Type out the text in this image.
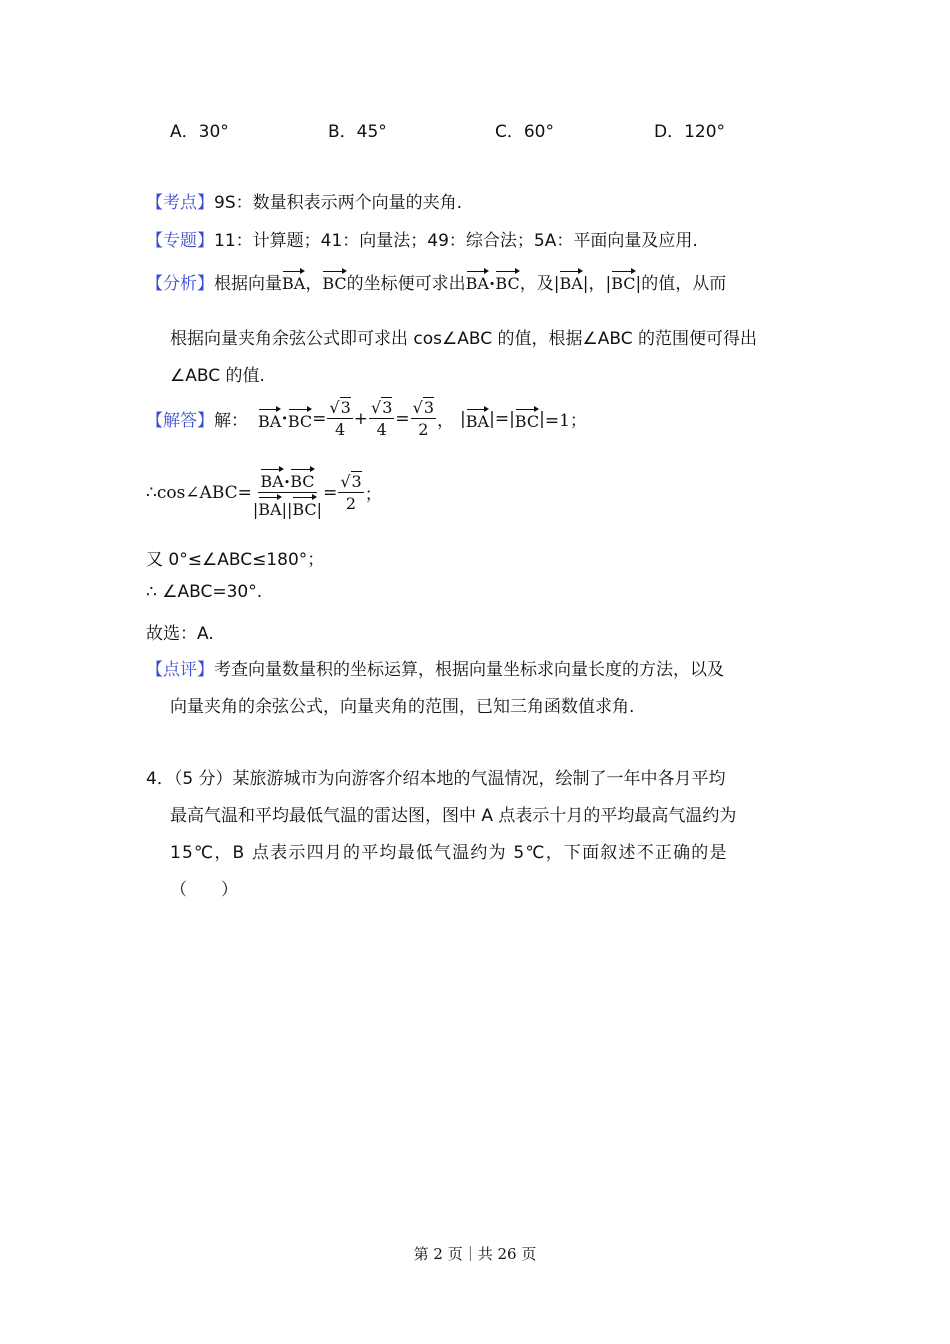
A．30°	B．45°	C．60°	D．120°
【考点】9S：数量积表示两个向量的夹角.
【专题】11：计算题；41：向量法；49：综合法；5A：平面向量及应用.
【分析】根据向量BA，BC的坐标便可求出BA•BC，及|BA|，|BC|的值，从而
根据向量夹角余弦公式即可求出 cos∠ABC 的值，根据∠ABC 的范围便可得出
∠ABC 的值.
【解答】 解： BA • BC = $\frac{√3}{4} + \frac{√3}{4} = \frac{√3}{2}$ ， | BA | = | BC | =1；
∴cos∠ABC= $\frac{BA•BC}{|BA||BC|} = \frac{√3}{2}$ ；
又 0°≤∠ABC≤180°；
∴ ∠ABC=30°.
故选：A.
【点评】考查向量数量积的坐标运算，根据向量坐标求向量长度的方法，以及
向量夹角的余弦公式，向量夹角的范围，已知三角函数值求角.
4．（5 分）某旅游城市为向游客介绍本地的气温情况，绘制了一年中各月平均
最高气温和平均最低气温的雷达图，图中 A 点表示十月的平均最高气温约为
15℃，B 点表示四月的平均最低气温约为 5℃，下面叙述不正确的是
（　　）
第 2 页｜共 26 页
